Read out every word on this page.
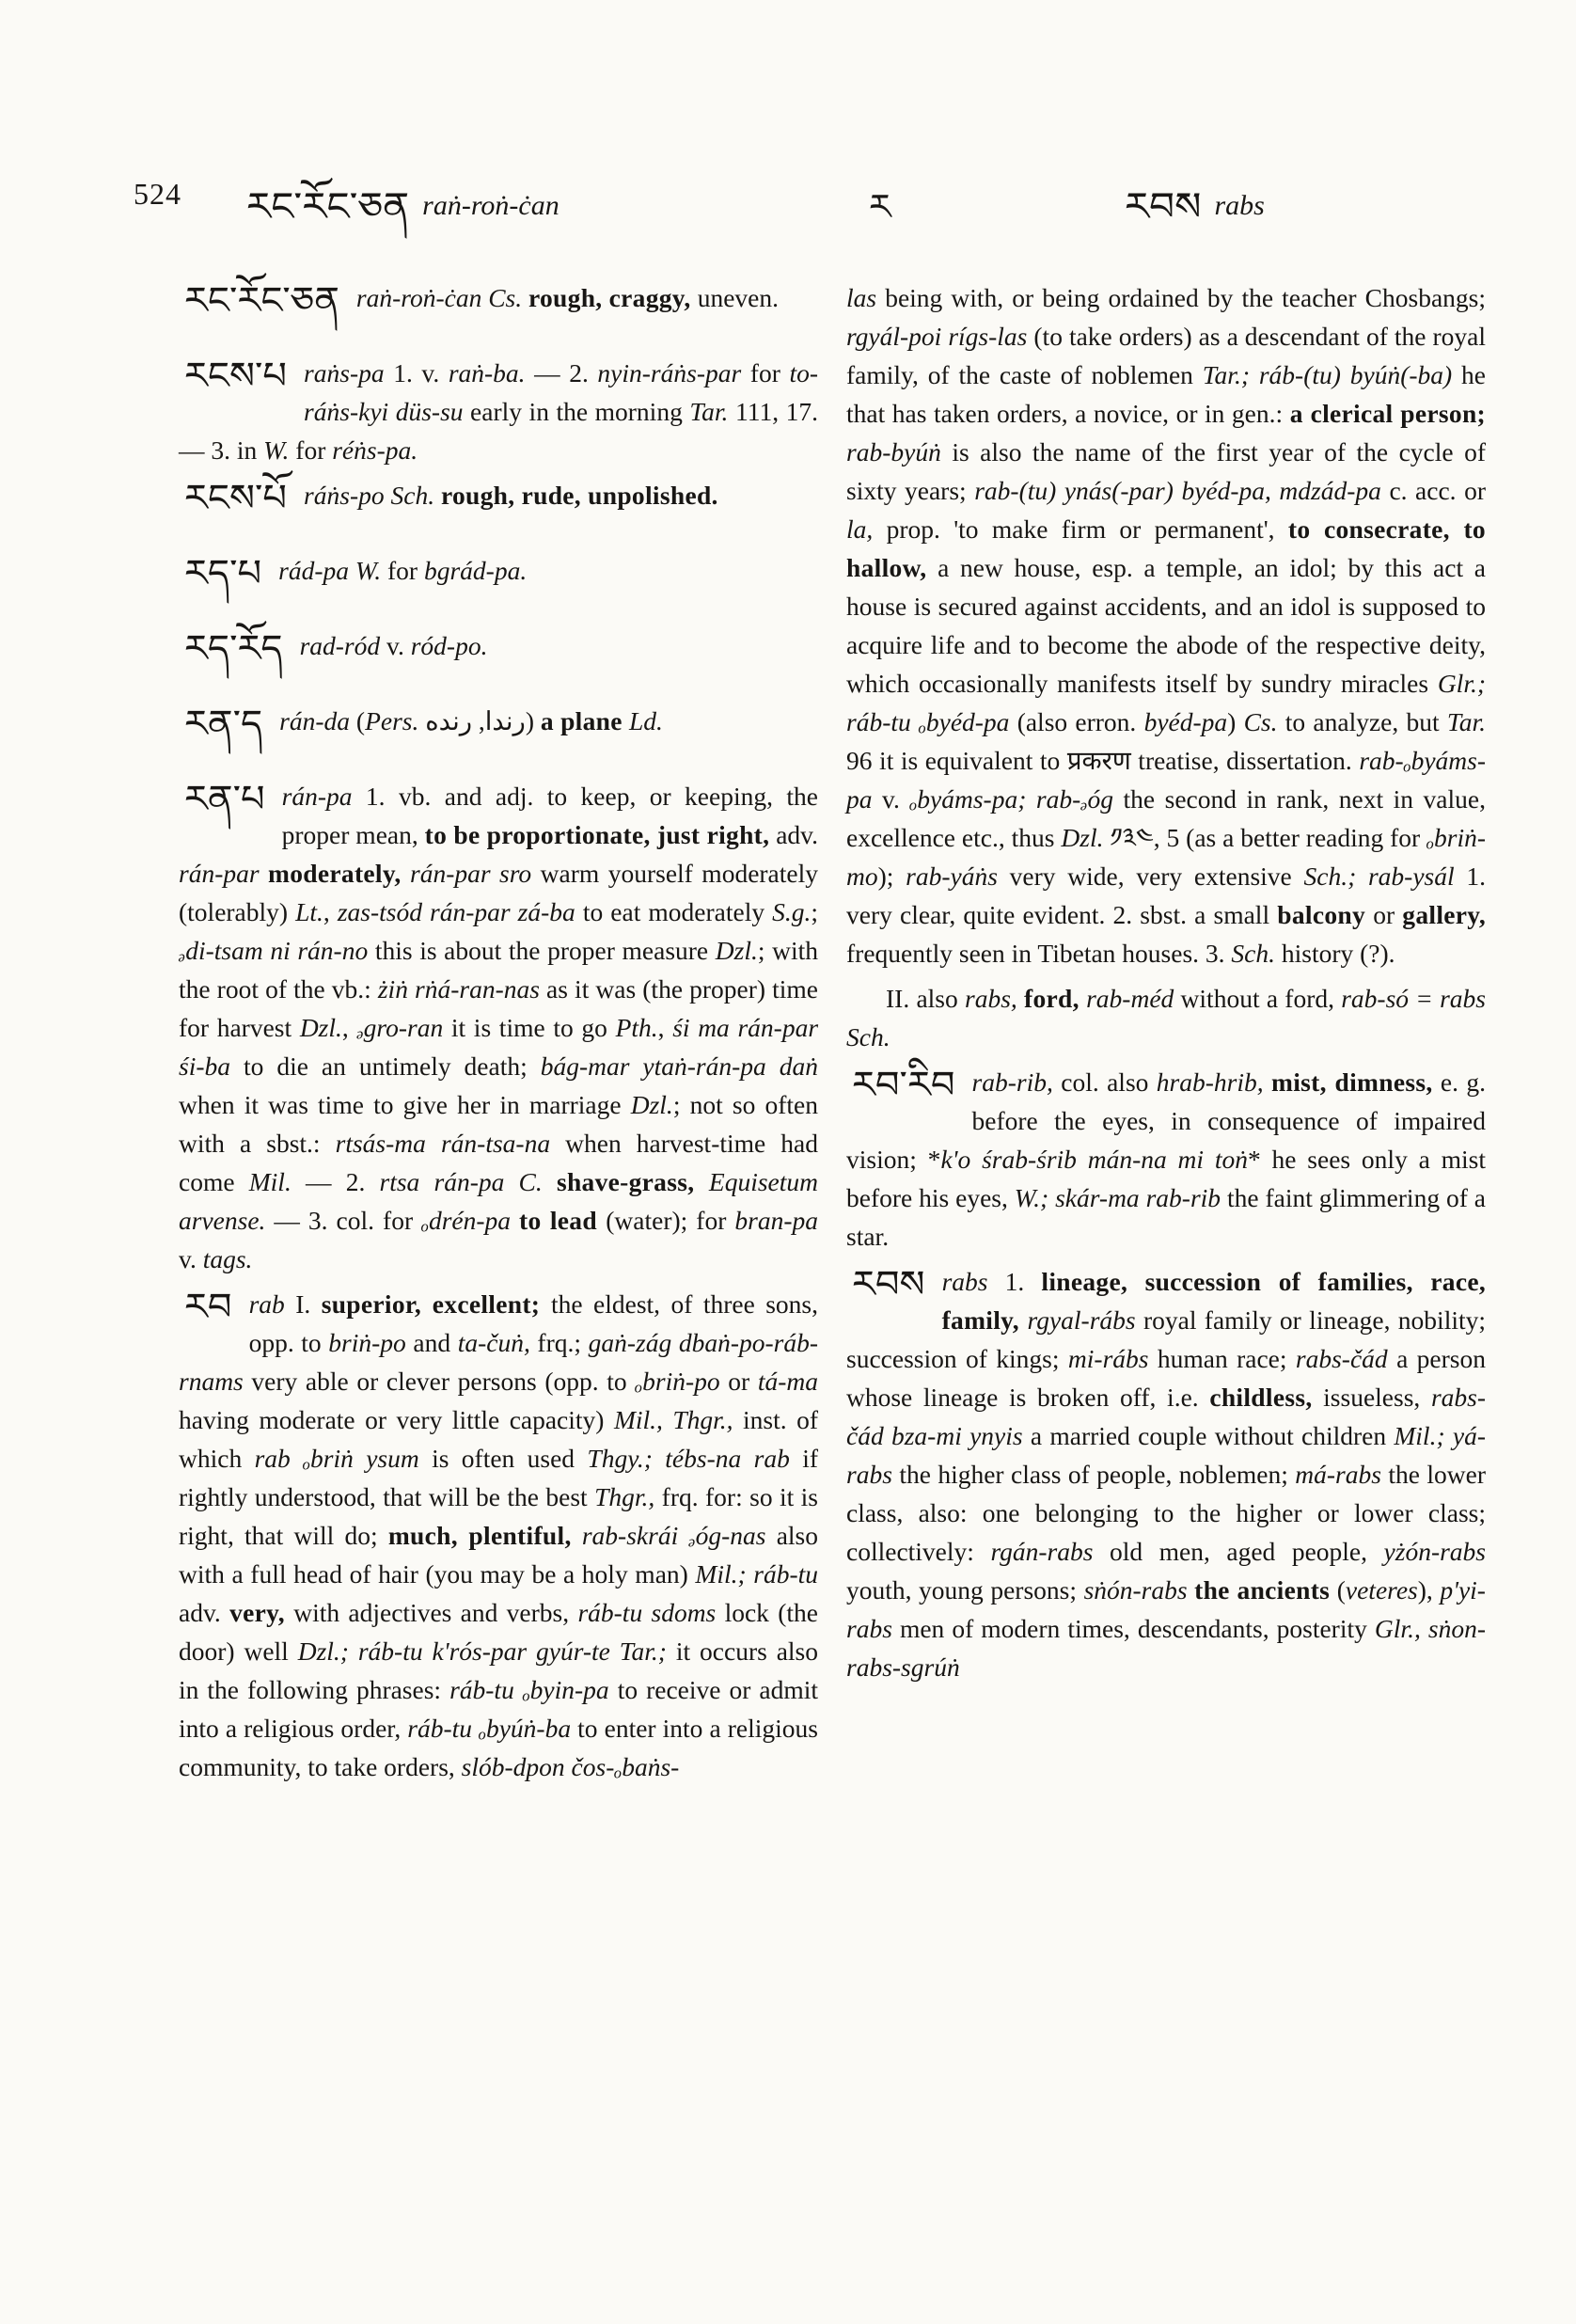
524 རང་རོང་ཅན raṅ-roṅ-ċan	ར	རབས rabs
རང་རོང་ཅན raṅ-roṅ-ċan Cs. rough, craggy, uneven.
རངས་པ raṅs-pa 1. v. raṅ-ba. — 2. nyin-ráṅs-par for to-ráṅs-kyi düs-su early in the morning Tar. 111, 17. — 3. in W. for réṅs-pa.
རངས་པོ ráṅs-po Sch. rough, rude, unpolished.
རད་པ rád-pa W. for bgrád-pa.
རད་རོད rad-ród v. ród-po.
རན་ད rán-da (Pers. رندا, رنده) a plane Ld.
རན་པ rán-pa 1. vb. and adj. to keep, or keeping, the proper mean, to be proportionate, just right, adv. rán-par moderately, rán-par sro warm yourself moderately (tolerably) Lt., zas-tsód rán-par zá-ba to eat moderately S.g.; ₔdi-tsam ni rán-no this is about the proper measure Dzl.; with the root of the vb.: żiṅ rṅá-ran-nas as it was (the proper) time for harvest Dzl., ₔgro-ran it is time to go Pth., śi ma rán-par śi-ba to die an untimely death; bág-mar ytaṅ-rán-pa daṅ when it was time to give her in marriage Dzl.; not so often with a sbst.: rtsás-ma rán-tsa-na when harvest-time had come Mil. — 2. rtsa rán-pa C. shave-grass, Equisetum arvense. — 3. col. for ₒdrén-pa to lead (water); for bran-pa v. tags.
རབ rab I. superior, excellent; the eldest, of three sons, opp. to briṅ-po and ta-čuṅ, frq.; gaṅ-zág dbaṅ-po-ráb-rnams very able or clever persons (opp. to ₒbriṅ-po or tá-ma having moderate or very little capacity) Mil., Thgr., inst. of which rab ₒbriṅ ysum is often used Thgy.; tébs-na rab if rightly understood, that will be the best Thgr., frq. for: so it is right, that will do; much, plentiful, rab-skrái ₔóg-nas also with a full head of hair (you may be a holy man) Mil.; ráb-tu adv. very, with adjectives and verbs, ráb-tu sdoms lock (the door) well Dzl.; ráb-tu k'rós-par gyúr-te Tar.; it occurs also in the following phrases: ráb-tu ₒbyin-pa to receive or admit into a religious order, ráb-tu ₒbyúṅ-ba to enter into a religious community, to take orders, slób-dpon čos-ₒbaṅs-
las being with, or being ordained by the teacher Chosbangs; rgyál-poi rígs-las (to take orders) as a descendant of the royal family, of the caste of noblemen Tar.; ráb-(tu) byúṅ(-ba) he that has taken orders, a novice, or in gen.: a clerical person; rab-byúṅ is also the name of the first year of the cycle of sixty years; rab-(tu) ynás(-par) byéd-pa, mdzád-pa c. acc. or la, prop. 'to make firm or permanent', to consecrate, to hallow, a new house, esp. a temple, an idol; by this act a house is secured against accidents, and an idol is supposed to acquire life and to become the abode of the respective deity, which occasionally manifests itself by sundry miracles Glr.; ráb-tu ₒbyéd-pa (also erron. byéd-pa) Cs. to analyze, but Tar. 96 it is equivalent to प्रकरण treatise, dissertation. rab-ₒbyáms-pa v. ₒbyáms-pa; rab-ₔóg the second in rank, next in value, excellence etc., thus Dzl. ༡༣༤, 5 (as a better reading for ₒbriṅ-mo); rab-yáṅs very wide, very extensive Sch.; rab-ysál 1. very clear, quite evident. 2. sbst. a small balcony or gallery, frequently seen in Tibetan houses. 3. Sch. history (?).
II. also rabs, ford, rab-méd without a ford, rab-só = rabs Sch.
རབ་རིབ rab-rib, col. also hrab-hrib, mist, dimness, e. g. before the eyes, in consequence of impaired vision; *k'o śrab-śrib mán-na mi toṅ* he sees only a mist before his eyes, W.; skár-ma rab-rib the faint glimmering of a star.
རབས rabs 1. lineage, succession of families, race, family, rgyal-rábs royal family or lineage, nobility; succession of kings; mi-rábs human race; rabs-čád a person whose lineage is broken off, i.e. childless, issueless, rabs-čád bza-mi ynyis a married couple without children Mil.; yá-rabs the higher class of people, noblemen; má-rabs the lower class, also: one belonging to the higher or lower class; collectively: rgán-rabs old men, aged people, yżón-rabs youth, young persons; sṅón-rabs the ancients (veteres), p'yi-rabs men of modern times, descendants, posterity Glr., sṅon-rabs-sgrúṅ
